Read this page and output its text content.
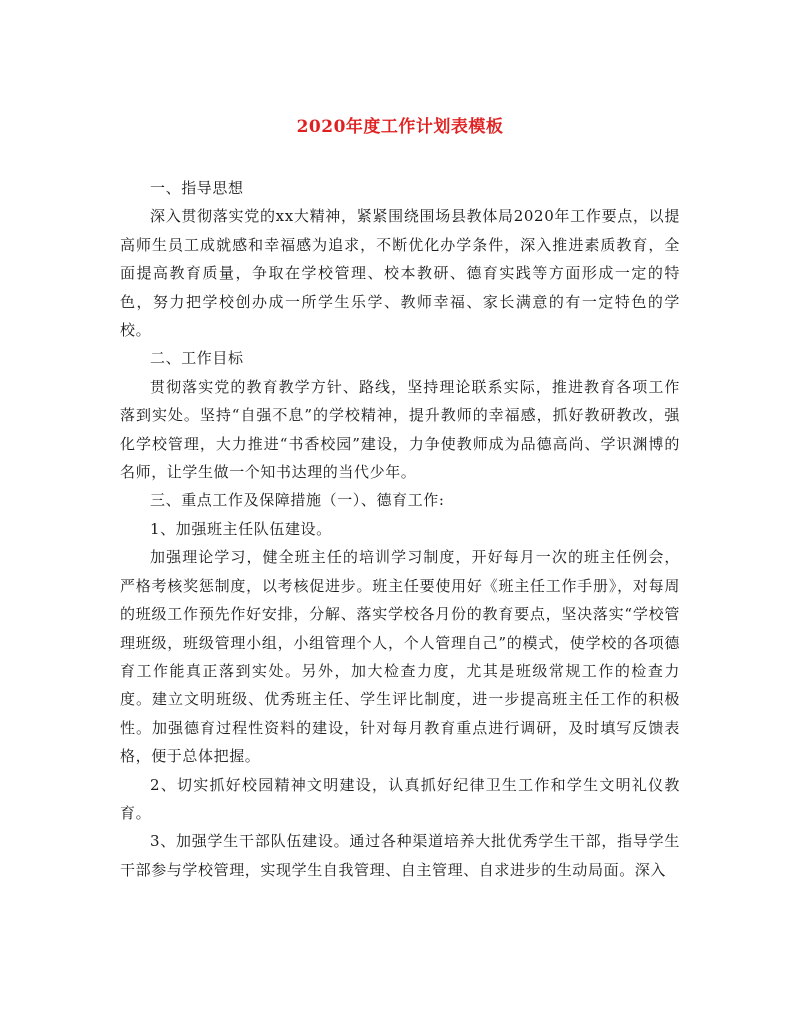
2020年度工作计划表模板

一、指导思想

深入贯彻落实党的xx大精神，紧紧围绕围场县教体局2020年工作要点，以提高师生员工成就感和幸福感为追求，不断优化办学条件，深入推进素质教育，全面提高教育质量，争取在学校管理、校本教研、德育实践等方面形成一定的特色，努力把学校创办成一所学生乐学、教师幸福、家长满意的有一定特色的学校。

二、工作目标

贯彻落实党的教育教学方针、路线，坚持理论联系实际，推进教育各项工作落到实处。坚持“自强不息”的学校精神，提升教师的幸福感，抓好教研教改，强化学校管理，大力推进“书香校园”建设，力争使教师成为品德高尚、学识渊博的名师，让学生做一个知书达理的当代少年。

三、重点工作及保障措施（一）、德育工作:

1、加强班主任队伍建设。

加强理论学习，健全班主任的培训学习制度，开好每月一次的班主任例会，严格考核奖惩制度，以考核促进步。班主任要使用好《班主任工作手册》，对每周的班级工作预先作好安排，分解、落实学校各月份的教育要点，坚决落实“学校管理班级，班级管理小组，小组管理个人，个人管理自己”的模式，使学校的各项德育工作能真正落到实处。另外，加大检查力度，尤其是班级常规工作的检查力度。建立文明班级、优秀班主任、学生评比制度，进一步提高班主任工作的积极性。加强德育过程性资料的建设，针对每月教育重点进行调研，及时填写反馈表格，便于总体把握。

2、切实抓好校园精神文明建设，认真抓好纪律卫生工作和学生文明礼仪教育。

3、加强学生干部队伍建设。通过各种渠道培养大批优秀学生干部，指导学生干部参与学校管理，实现学生自我管理、自主管理、自求进步的生动局面。深入
